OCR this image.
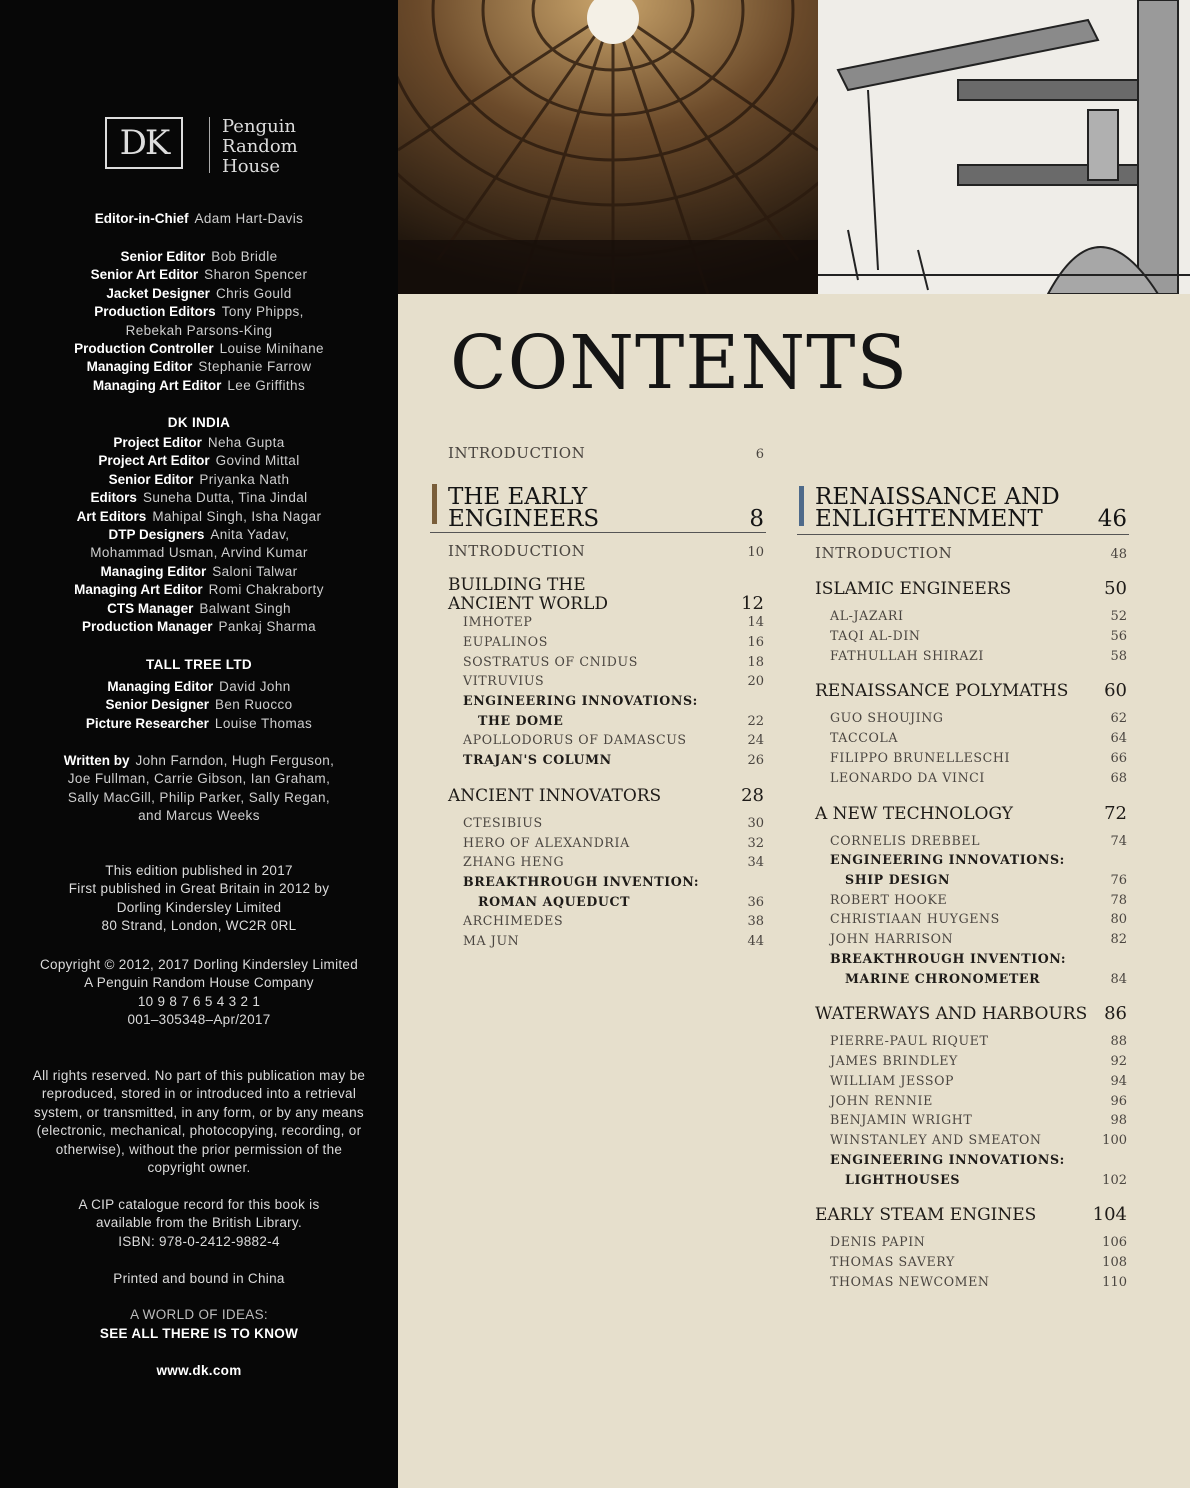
DK	Penguin
Random
House
Editor-in-Chief Adam Hart-Davis
Senior Editor Bob Bridle
Senior Art Editor Sharon Spencer
Jacket Designer Chris Gould
Production Editors Tony Phipps,
Rebekah Parsons-King
Production Controller Louise Minihane
Managing Editor Stephanie Farrow
Managing Art Editor Lee Griffiths
DK INDIA
Project Editor Neha Gupta
Project Art Editor Govind Mittal
Senior Editor Priyanka Nath
Editors Suneha Dutta, Tina Jindal
Art Editors Mahipal Singh, Isha Nagar
DTP Designers Anita Yadav,
Mohammad Usman, Arvind Kumar
Managing Editor Saloni Talwar
Managing Art Editor Romi Chakraborty
CTS Manager Balwant Singh
Production Manager Pankaj Sharma
TALL TREE LTD
Managing Editor David John
Senior Designer Ben Ruocco
Picture Researcher Louise Thomas
Written by John Farndon, Hugh Ferguson,
Joe Fullman, Carrie Gibson, Ian Graham,
Sally MacGill, Philip Parker, Sally Regan,
and Marcus Weeks
This edition published in 2017
First published in Great Britain in 2012 by
Dorling Kindersley Limited
80 Strand, London, WC2R 0RL
Copyright © 2012, 2017 Dorling Kindersley Limited
A Penguin Random House Company
10 9 8 7 6 5 4 3 2 1
001–305348–Apr/2017
All rights reserved. No part of this publication may be
reproduced, stored in or introduced into a retrieval
system, or transmitted, in any form, or by any means
(electronic, mechanical, photocopying, recording, or
otherwise), without the prior permission of the
copyright owner.
A CIP catalogue record for this book is
available from the British Library.
ISBN: 978-0-2412-9882-4
Printed and bound in China
A WORLD OF IDEAS:
SEE ALL THERE IS TO KNOW
www.dk.com
CONTENTS
INTRODUCTION	6
THE EARLY
ENGINEERS	8
INTRODUCTION	10
BUILDING THE
ANCIENT WORLD	12
IMHOTEP	14
EUPALINOS	16
SOSTRATUS OF CNIDUS	18
VITRUVIUS	20
ENGINEERING INNOVATIONS:
THE DOME	22
APOLLODORUS OF DAMASCUS	24
TRAJAN'S COLUMN	26
ANCIENT INNOVATORS	28
CTESIBIUS	30
HERO OF ALEXANDRIA	32
ZHANG HENG	34
BREAKTHROUGH INVENTION:
ROMAN AQUEDUCT	36
ARCHIMEDES	38
MA JUN	44
RENAISSANCE AND
ENLIGHTENMENT	46
INTRODUCTION	48
ISLAMIC ENGINEERS	50
AL-JAZARI	52
TAQI AL-DIN	56
FATHULLAH SHIRAZI	58
RENAISSANCE POLYMATHS 60
GUO SHOUJING	62
TACCOLA	64
FILIPPO BRUNELLESCHI	66
LEONARDO DA VINCI	68
A NEW TECHNOLOGY	72
CORNELIS DREBBEL	74
ENGINEERING INNOVATIONS:
SHIP DESIGN	76
ROBERT HOOKE	78
CHRISTIAAN HUYGENS	80
JOHN HARRISON	82
BREAKTHROUGH INVENTION:
MARINE CHRONOMETER	84
WATERWAYS AND HARBOURS 86
PIERRE-PAUL RIQUET	88
JAMES BRINDLEY	92
WILLIAM JESSOP	94
JOHN RENNIE	96
BENJAMIN WRIGHT	98
WINSTANLEY AND SMEATON	100
ENGINEERING INNOVATIONS:
LIGHTHOUSES	102
EARLY STEAM ENGINES	104
DENIS PAPIN	106
THOMAS SAVERY	108
THOMAS NEWCOMEN	110
